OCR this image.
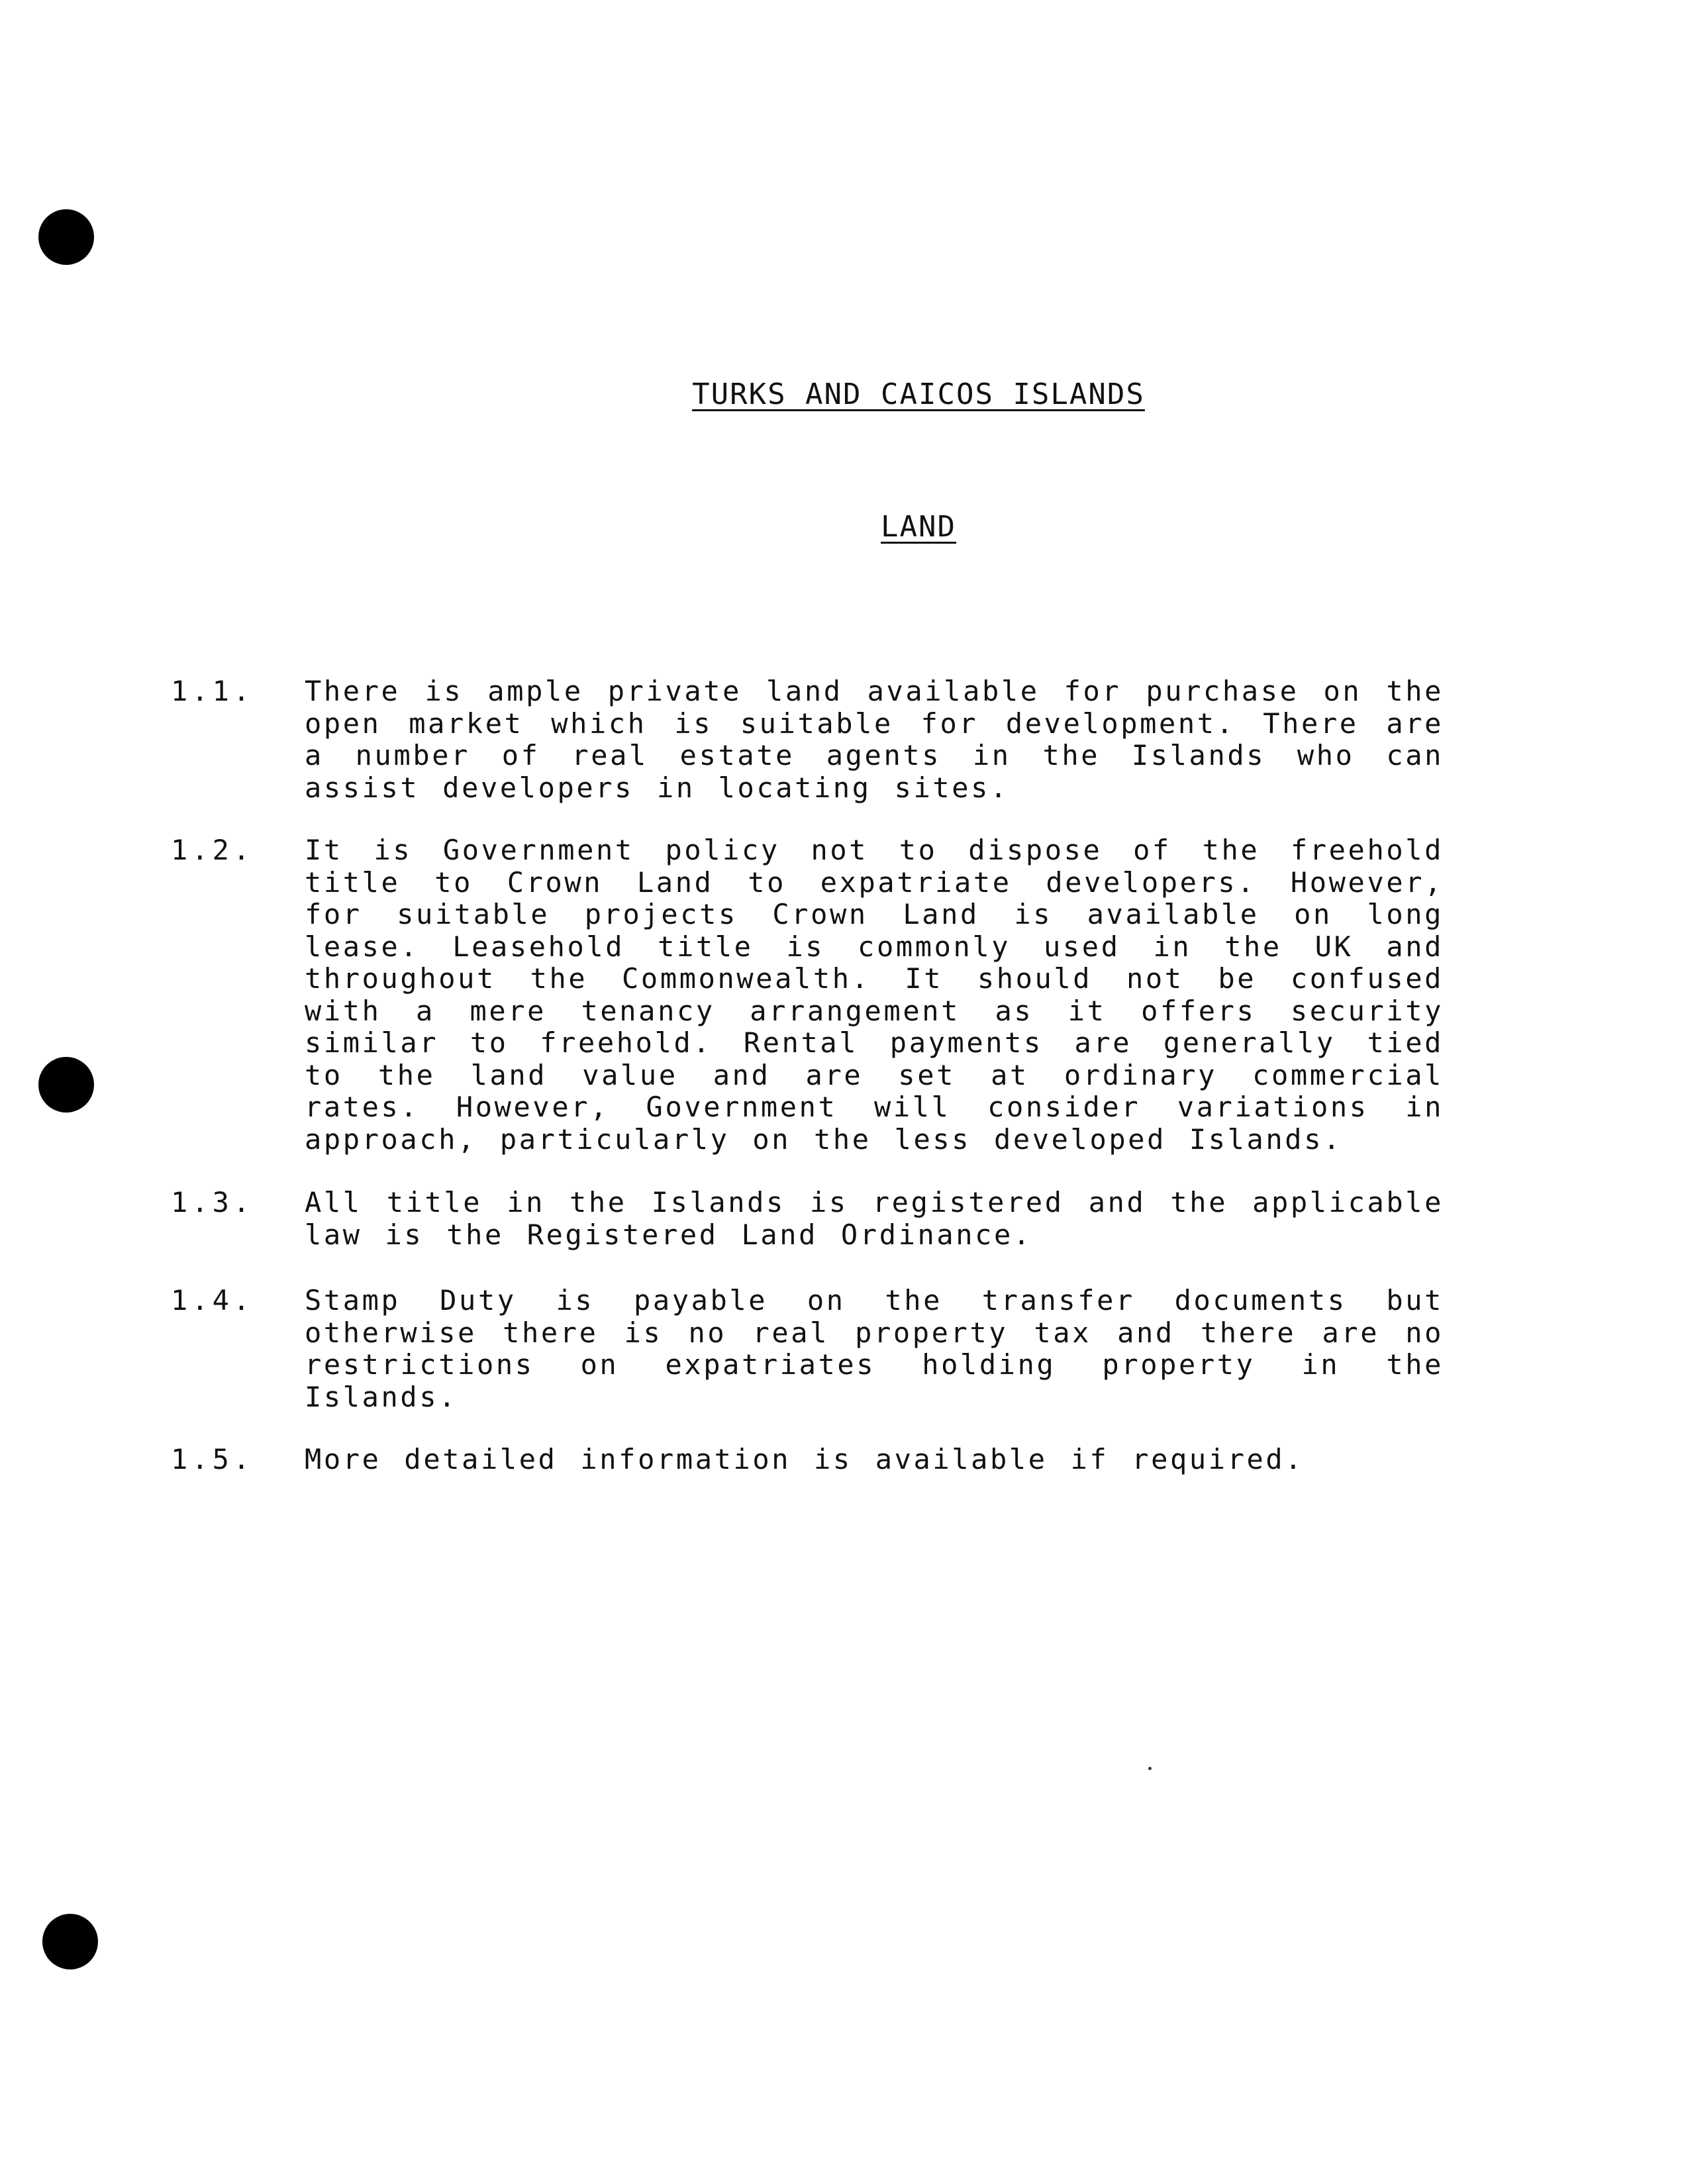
TURKS AND CAICOS ISLANDS
LAND
1.1. There is ample private land available for purchase on the open market which is suitable for development. There are a number of real estate agents in the Islands who can assist developers in locating sites.
1.2. It is Government policy not to dispose of the freehold title to Crown Land to expatriate developers. However, for suitable projects Crown Land is available on long lease. Leasehold title is commonly used in the UK and throughout the Commonwealth. It should not be confused with a mere tenancy arrangement as it offers security similar to freehold. Rental payments are generally tied to the land value and are set at ordinary commercial rates. However, Government will consider variations in approach, particularly on the less developed Islands.
1.3. All title in the Islands is registered and the applicable law is the Registered Land Ordinance.
1.4. Stamp Duty is payable on the transfer documents but otherwise there is no real property tax and there are no restrictions on expatriates holding property in the Islands.
1.5. More detailed information is available if required.
